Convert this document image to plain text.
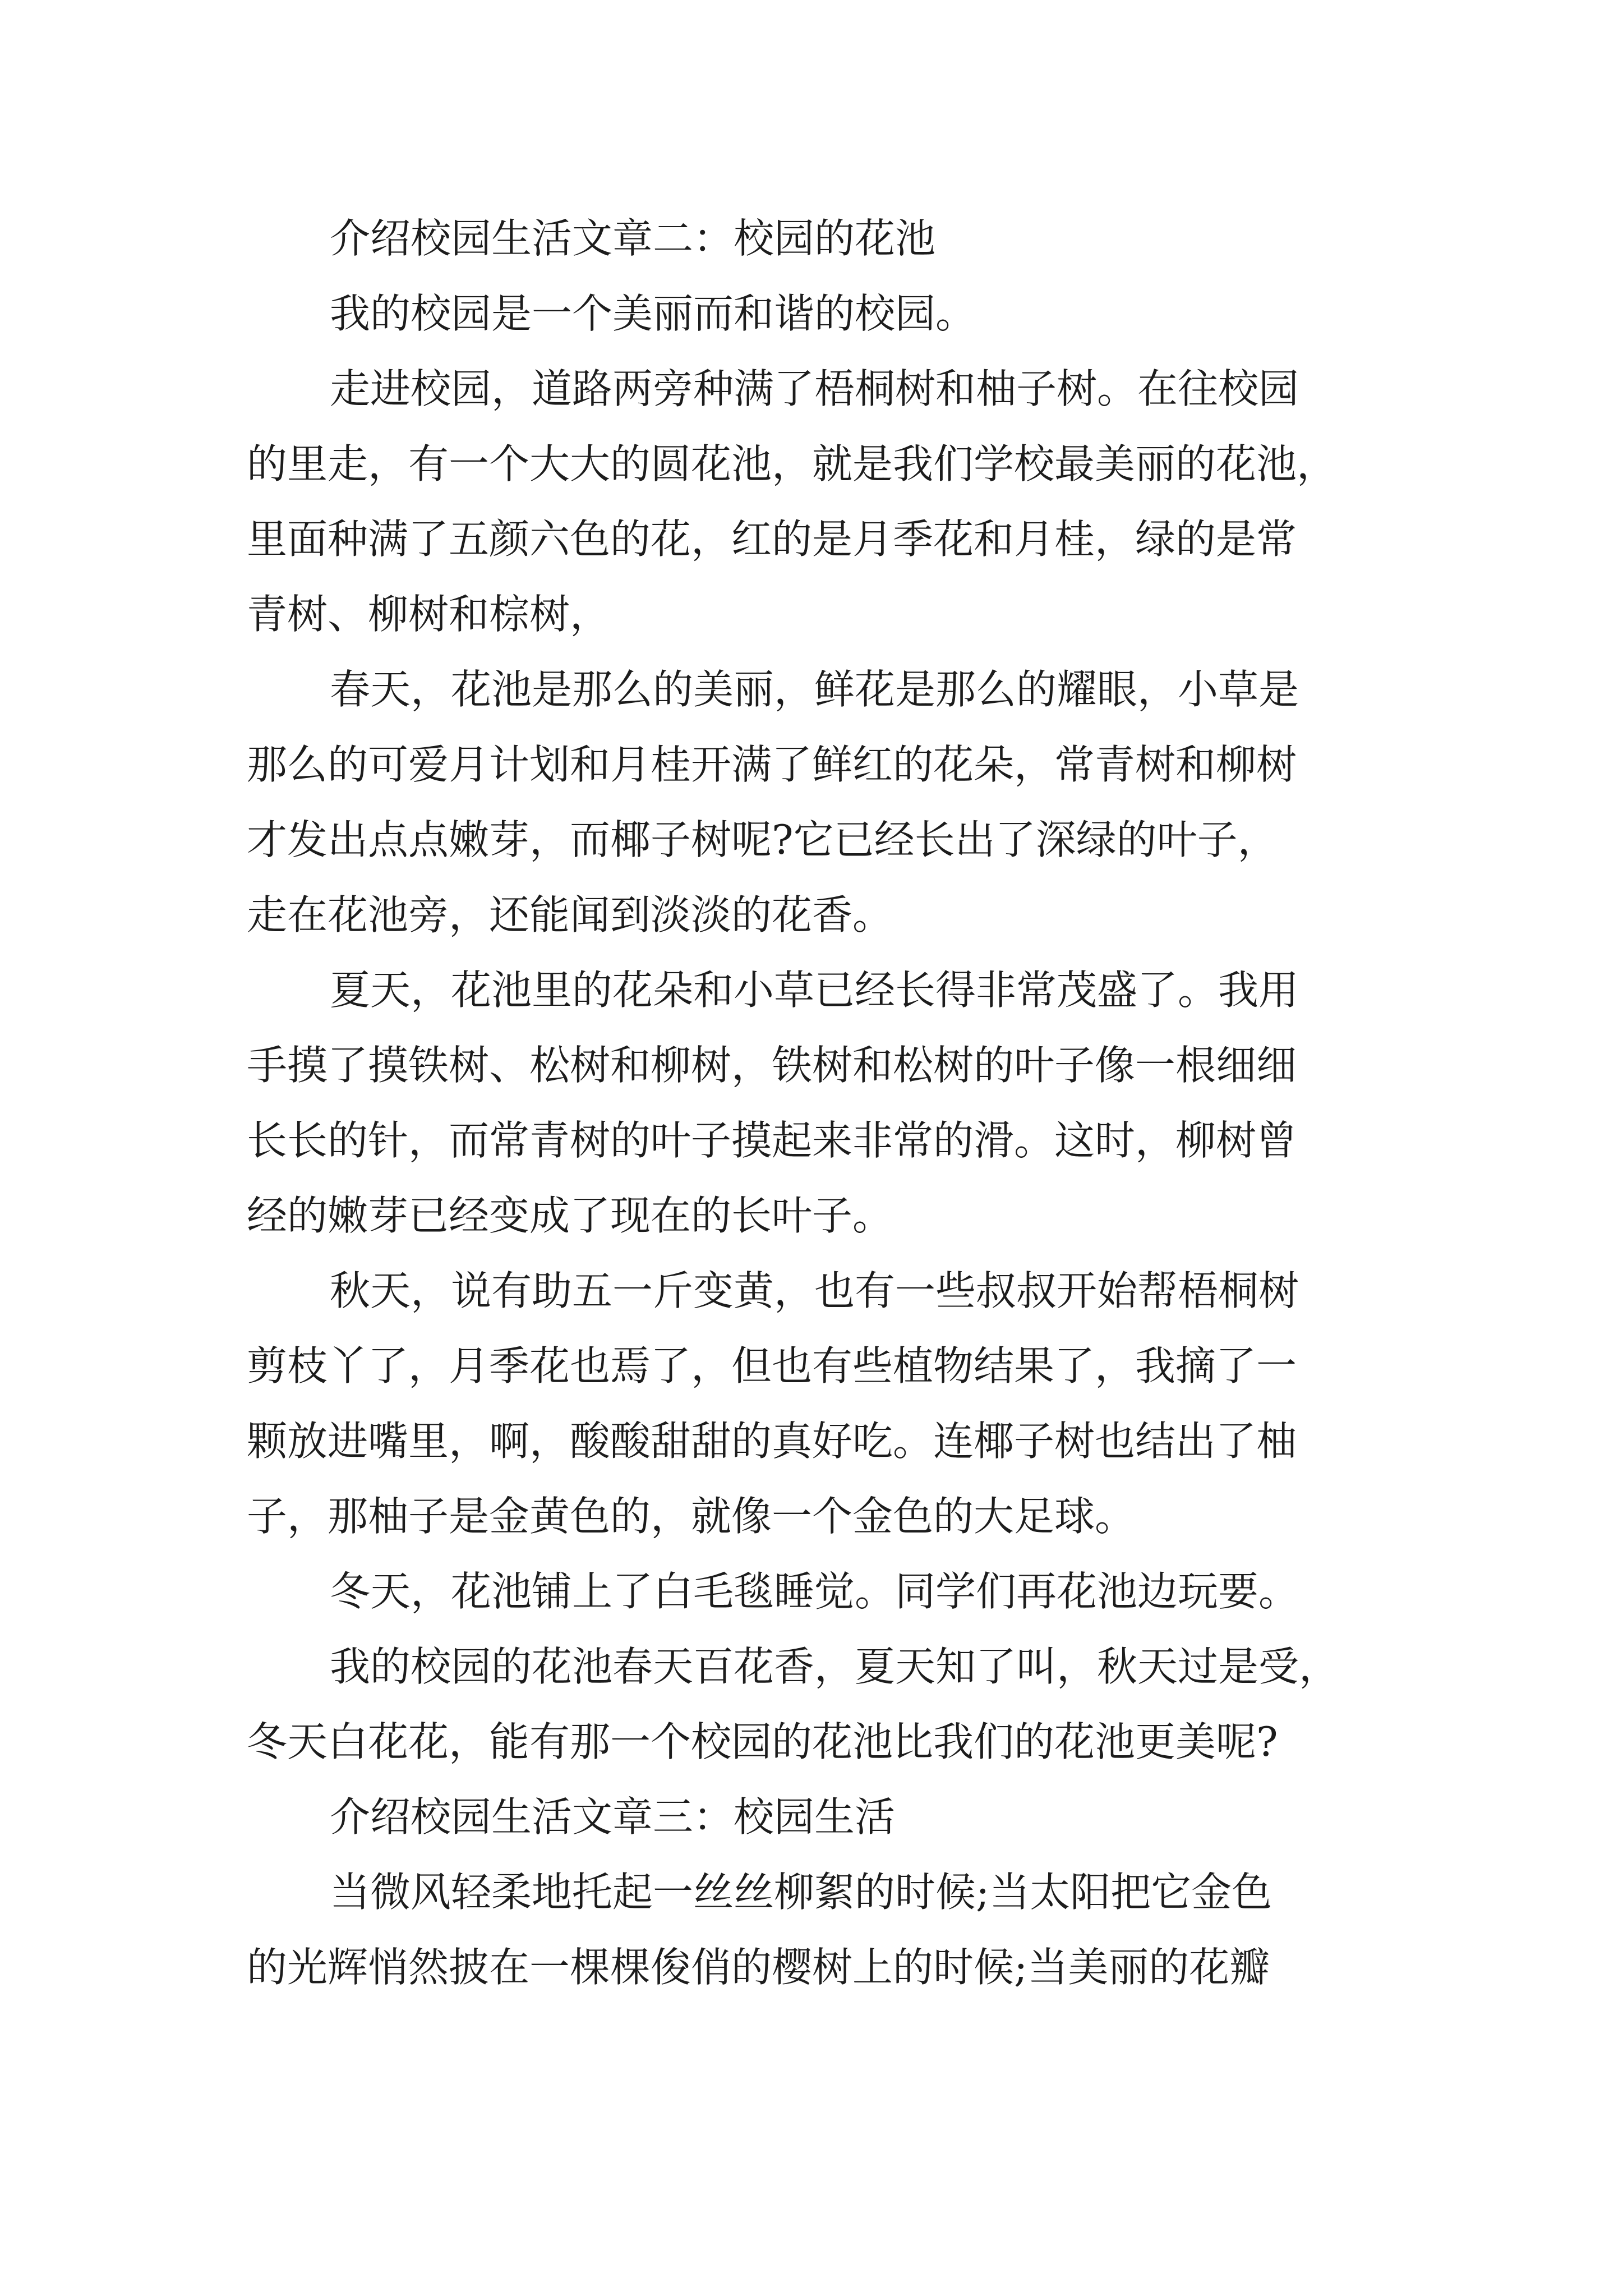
介绍校园生活文章二：校园的花池
我的校园是一个美丽而和谐的校园。
走进校园，道路两旁种满了梧桐树和柚子树。在往校园
的里走，有一个大大的圆花池，就是我们学校最美丽的花池，
里面种满了五颜六色的花，红的是月季花和月桂，绿的是常
青树、柳树和棕树，
春天，花池是那么的美丽，鲜花是那么的耀眼，小草是
那么的可爱月计划和月桂开满了鲜红的花朵，常青树和柳树
才发出点点嫩芽，而椰子树呢?它已经长出了深绿的叶子，
走在花池旁，还能闻到淡淡的花香。
夏天，花池里的花朵和小草已经长得非常茂盛了。我用
手摸了摸铁树、松树和柳树，铁树和松树的叶子像一根细细
长长的针，而常青树的叶子摸起来非常的滑。这时，柳树曾
经的嫩芽已经变成了现在的长叶子。
秋天，说有助五一斤变黄，也有一些叔叔开始帮梧桐树
剪枝丫了，月季花也焉了，但也有些植物结果了，我摘了一
颗放进嘴里，啊，酸酸甜甜的真好吃。连椰子树也结出了柚
子，那柚子是金黄色的，就像一个金色的大足球。
冬天，花池铺上了白毛毯睡觉。同学们再花池边玩要。
我的校园的花池春天百花香，夏天知了叫，秋天过是受，
冬天白花花，能有那一个校园的花池比我们的花池更美呢?
介绍校园生活文章三：校园生活
当微风轻柔地托起一丝丝柳絮的时候;当太阳把它金色
的光辉悄然披在一棵棵俊俏的樱树上的时候;当美丽的花瓣
